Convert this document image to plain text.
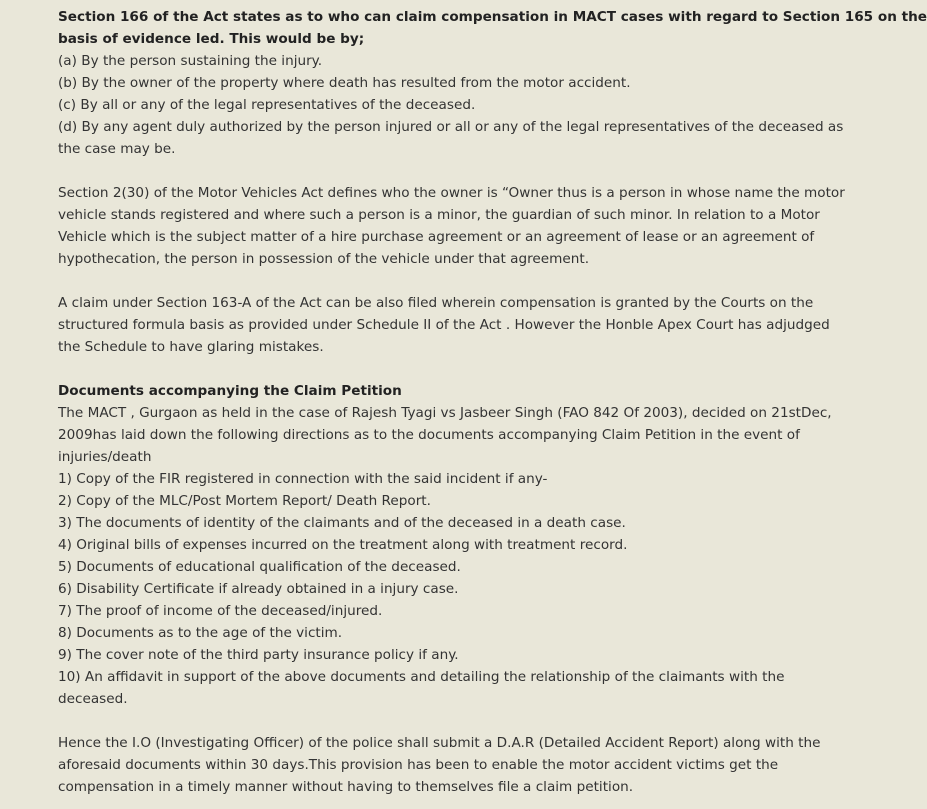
Section 166 of the Act states as to who can claim compensation in MACT cases with regard to Section 165 on the
basis of evidence led. This would be by;
(a) By the person sustaining the injury.
(b) By the owner of the property where death has resulted from the motor accident.
(c) By all or any of the legal representatives of the deceased.
(d) By any agent duly authorized by the person injured or all or any of the legal representatives of the deceased as
the case may be.
Section 2(30) of the Motor Vehicles Act defines who the owner is “Owner thus is a person in whose name the motor
vehicle stands registered and where such a person is a minor, the guardian of such minor. In relation to a Motor
Vehicle which is the subject matter of a hire purchase agreement or an agreement of lease or an agreement of
hypothecation, the person in possession of the vehicle under that agreement.
A claim under Section 163-A of the Act can be also filed wherein compensation is granted by the Courts on the
structured formula basis as provided under Schedule II of the Act . However the Honble Apex Court has adjudged
the Schedule to have glaring mistakes.
Documents accompanying the Claim Petition
The MACT , Gurgaon as held in the case of Rajesh Tyagi vs Jasbeer Singh (FAO 842 Of 2003), decided on 21stDec,
2009has laid down the following directions as to the documents accompanying Claim Petition in the event of
injuries/death
1) Copy of the FIR registered in connection with the said incident if any-
2) Copy of the MLC/Post Mortem Report/ Death Report.
3) The documents of identity of the claimants and of the deceased in a death case.
4) Original bills of expenses incurred on the treatment along with treatment record.
5) Documents of educational qualification of the deceased.
6) Disability Certificate if already obtained in a injury case.
7) The proof of income of the deceased/injured.
8) Documents as to the age of the victim.
9) The cover note of the third party insurance policy if any.
10) An affidavit in support of the above documents and detailing the relationship of the claimants with the
deceased.
Hence the I.O (Investigating Officer) of the police shall submit a D.A.R (Detailed Accident Report) along with the
aforesaid documents within 30 days.This provision has been to enable the motor accident victims get the
compensation in a timely manner without having to themselves file a claim petition.
